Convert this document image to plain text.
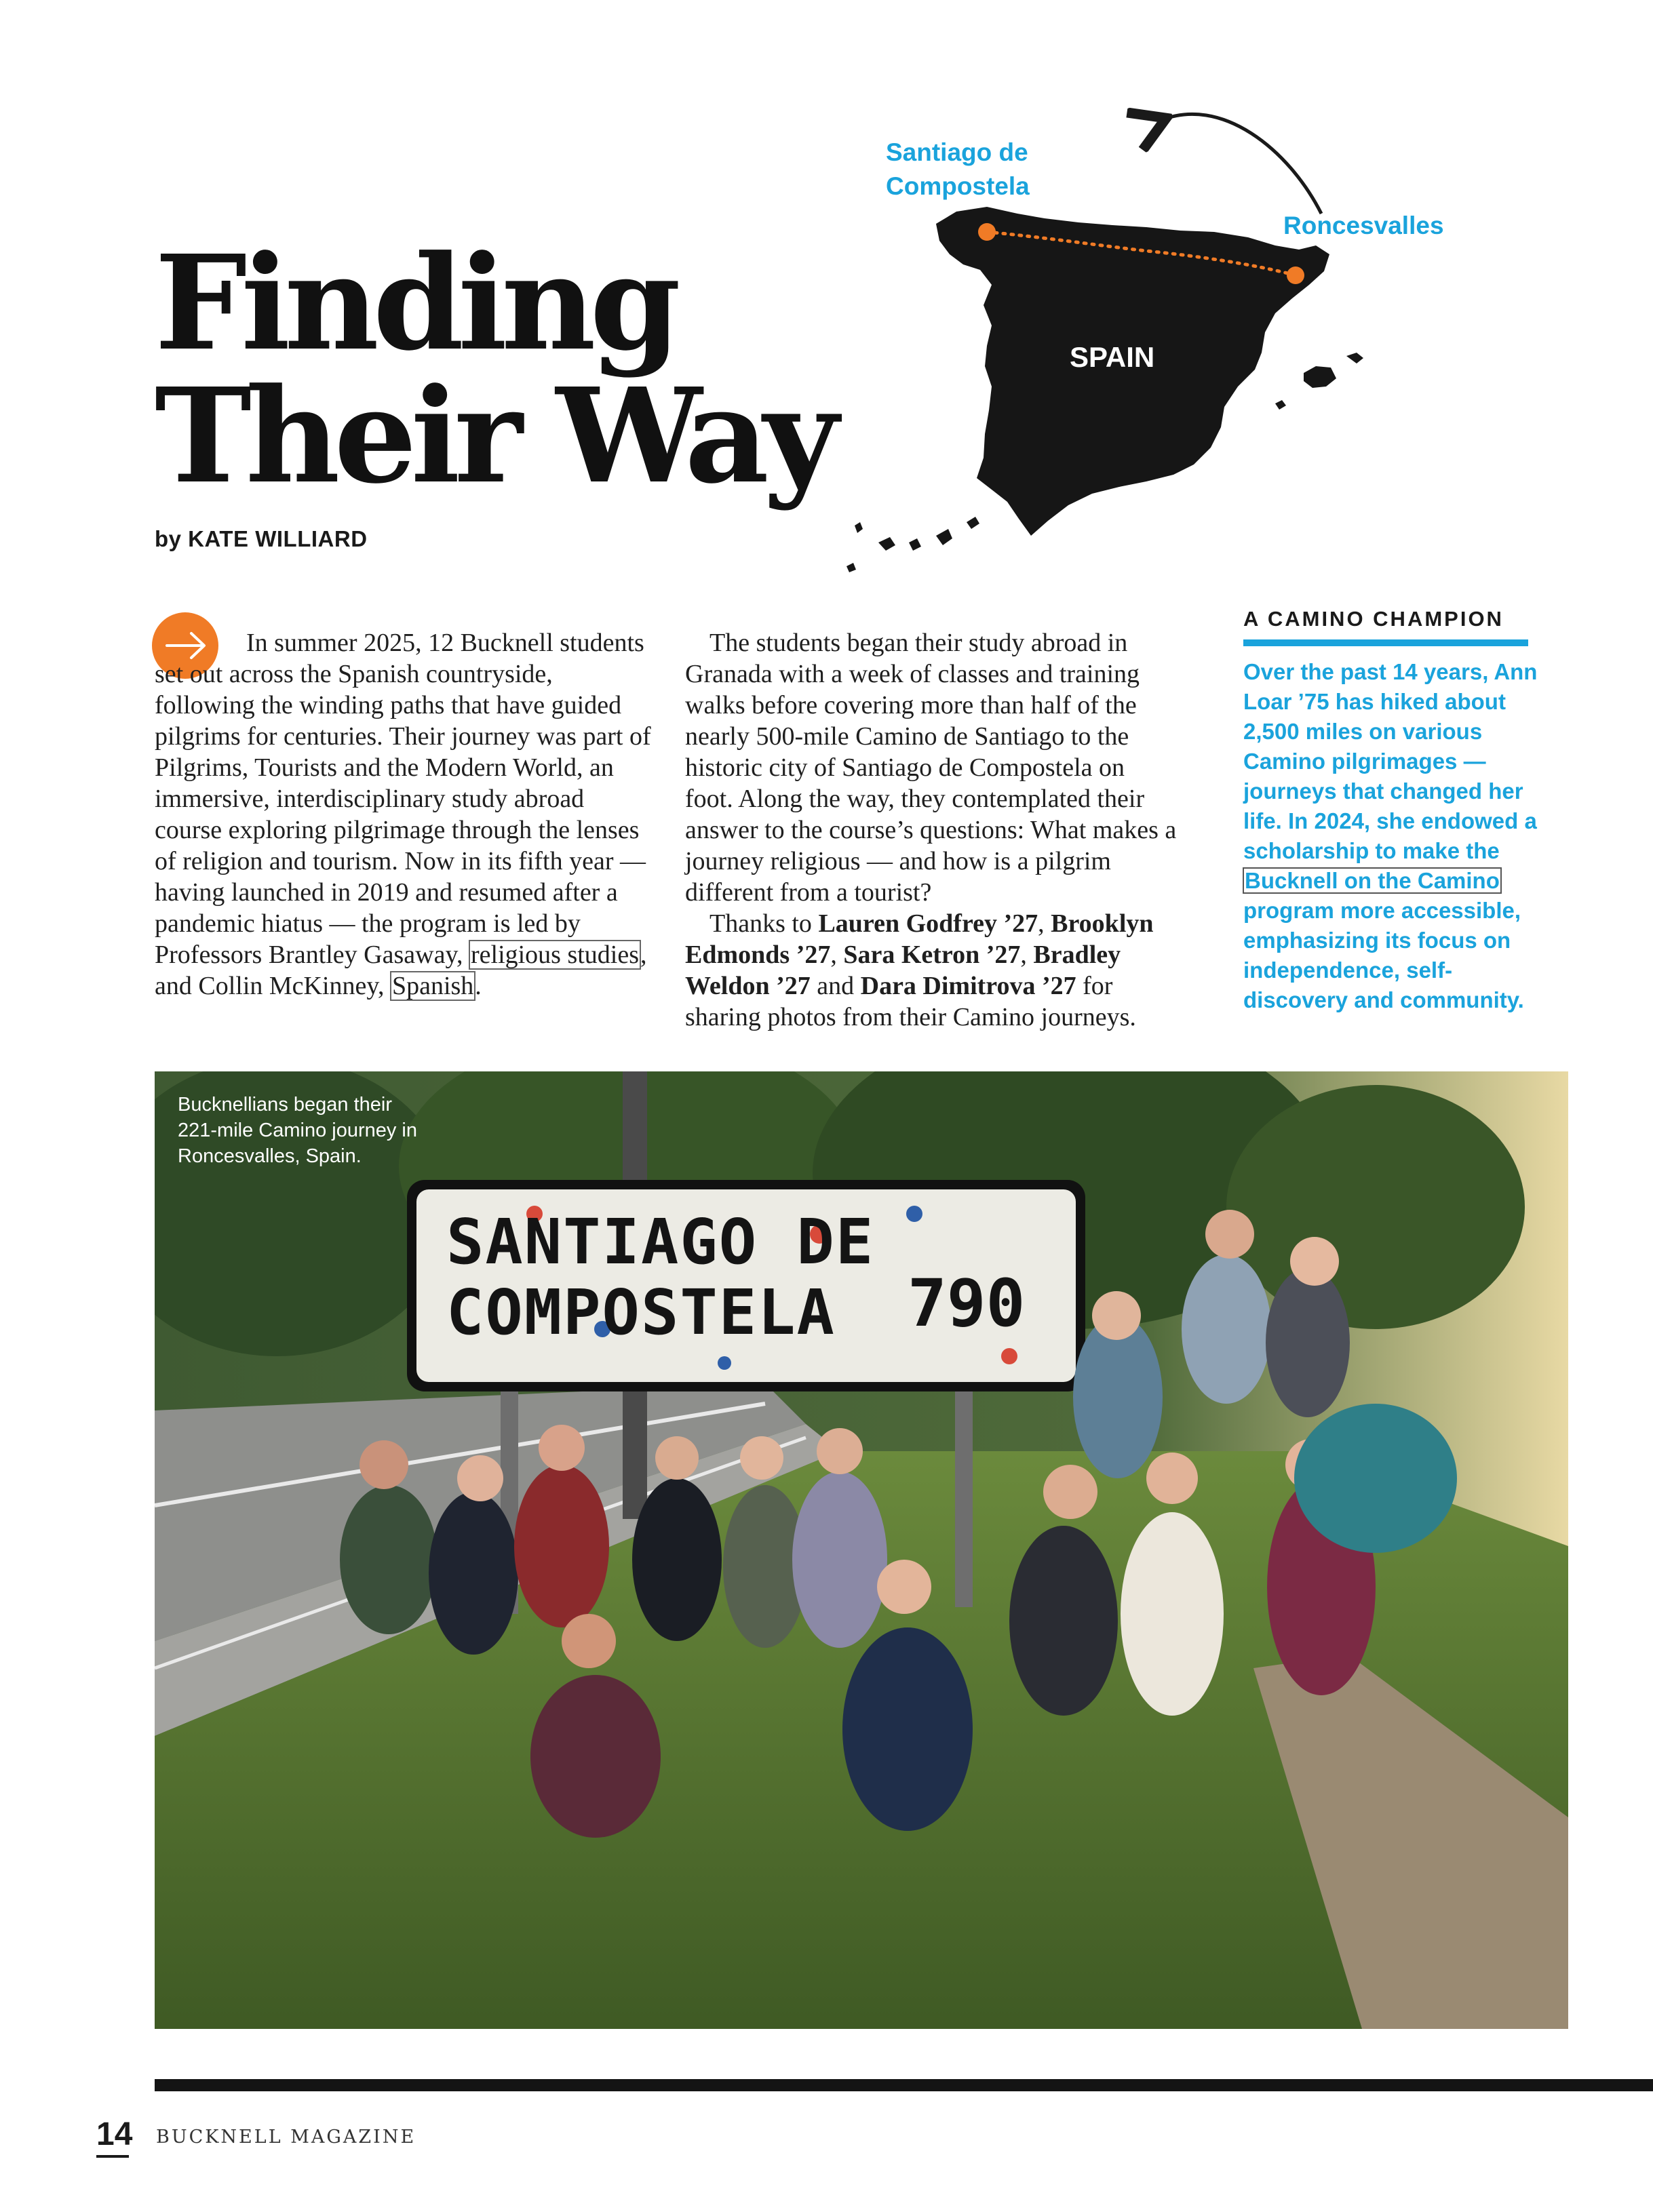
Finding
Their Way
by KATE WILLIARD
Santiago de
Compostela
Roncesvalles
SPAIN

In summer 2025, 12 Bucknell students set out across the Spanish countryside, following the winding paths that have guided pilgrims for centuries. Their journey was part of Pilgrims, Tourists and the Modern World, an immersive, interdisciplinary study abroad course exploring pilgrimage through the lenses of religion and tourism. Now in its fifth year — having launched in 2019 and resumed after a pandemic hiatus — the program is led by Professors Brantley Gasaway, religious studies, and Collin McKinney, Spanish.

The students began their study abroad in Granada with a week of classes and training walks before covering more than half of the nearly 500-mile Camino de Santiago to the historic city of Santiago de Compostela on foot. Along the way, they contemplated their answer to the course’s questions: What makes a journey religious — and how is a pilgrim different from a tourist?

Thanks to Lauren Godfrey ’27, Brooklyn Edmonds ’27, Sara Ketron ’27, Bradley Weldon ’27 and Dara Dimitrova ’27 for sharing photos from their Camino journeys.

A CAMINO CHAMPION
Over the past 14 years, Ann Loar ’75 has hiked about 2,500 miles on various Camino pilgrimages — journeys that changed her life. In 2024, she endowed a scholarship to make the Bucknell on the Camino program more accessible, emphasizing its focus on independence, self-discovery and community.
SANTIAGO DE
COMPOSTELA	790
Bucknellians began their 221-mile Camino journey in Roncesvalles, Spain.
14 BUCKNELL MAGAZINE
